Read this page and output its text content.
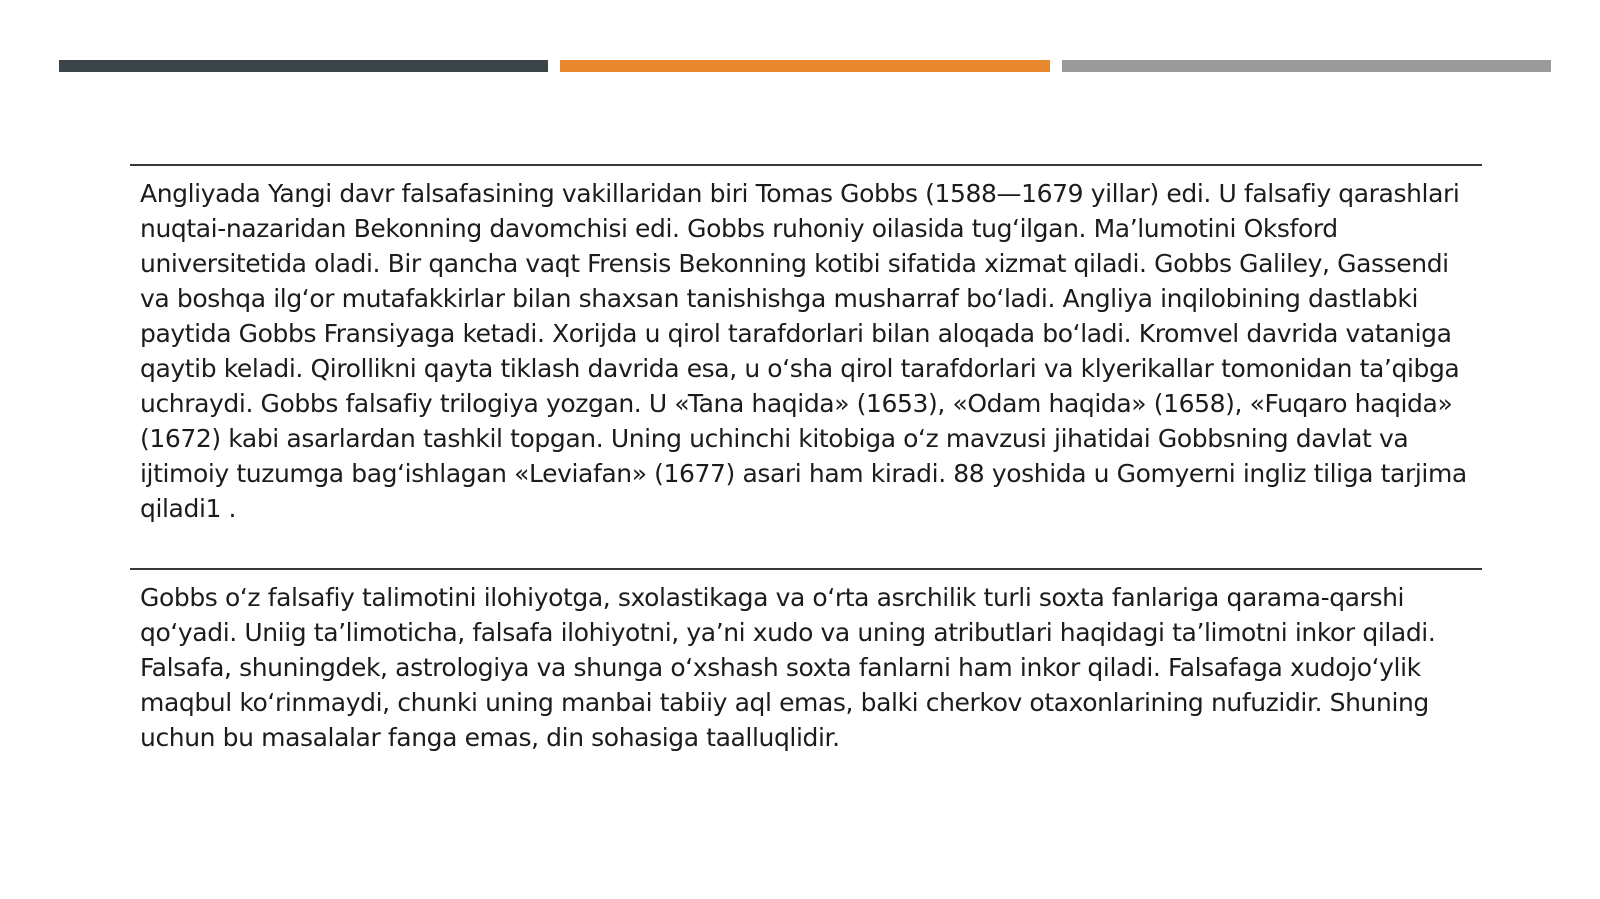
Angliyada Yangi davr falsafasining vakillaridan biri Tomas Gobbs (1588—1679 yillar) edi. U falsafiy qarashlari nuqtai-nazaridan Bekonning davomchisi edi. Gobbs ruhoniy oilasida tug‘ilgan. Ma’lumotini Oksford universitetida oladi. Bir qancha vaqt Frensis Bekonning kotibi sifatida xizmat qiladi. Gobbs Galiley, Gassendi va boshqa ilg‘or mutafakkirlar bilan shaxsan tanishishga musharraf bo‘ladi. Angliya inqilobining dastlabki paytida Gobbs Fransiyaga ketadi. Xorijda u qirol tarafdorlari bilan aloqada bo‘ladi. Kromvel davrida vataniga qaytib keladi. Qirollikni qayta tiklash davrida esa, u o‘sha qirol tarafdorlari va klyerikallar tomonidan ta’qibga uchraydi. Gobbs falsafiy trilogiya yozgan. U «Tana haqida» (1653), «Odam haqida» (1658), «Fuqaro haqida» (1672) kabi asarlardan tashkil topgan. Uning uchinchi kitobiga o‘z mavzusi jihatidai Gobbsning davlat va ijtimoiy tuzumga bag‘ishlagan «Leviafan» (1677) asari ham kiradi. 88 yoshida u Gomyerni ingliz tiliga tarjima qiladi1 .

Gobbs o‘z falsafiy talimotini ilohiyotga, sxolastikaga va o‘rta asrchilik turli soxta fanlariga qarama-qarshi qo‘yadi. Uniig ta’limoticha, falsafa ilohiyotni, ya’ni xudo va uning atributlari haqidagi ta’limotni inkor qiladi. Falsafa, shuningdek, astrologiya va shunga o‘xshash soxta fanlarni ham inkor qiladi. Falsafaga xudojo‘ylik maqbul ko‘rinmaydi, chunki uning manbai tabiiy aql emas, balki cherkov otaxonlarining nufuzidir. Shuning uchun bu masalalar fanga emas, din sohasiga taalluqlidir.
